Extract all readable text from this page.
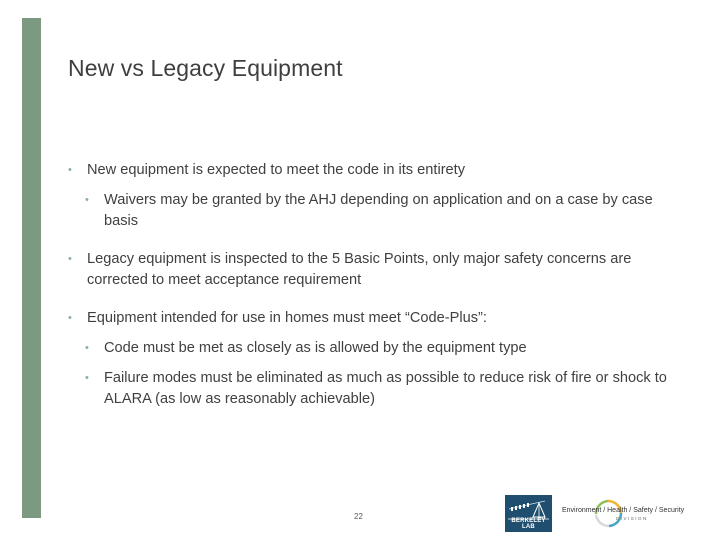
New vs Legacy Equipment
• New equipment is expected to meet the code in its entirety
• Waivers may be granted by the AHJ depending on application and on a case by case basis
• Legacy equipment is inspected to the 5 Basic Points, only major safety concerns are corrected to meet acceptance requirement
• Equipment intended for use in homes must meet “Code-Plus”:
• Code must be met as closely as is allowed by the equipment type
• Failure modes must be eliminated as much as possible to reduce risk of fire or shock to ALARA (as low as reasonably achievable)
22	BERKELEY LAB
Environment / Health / Safety / Security
DIVISION
